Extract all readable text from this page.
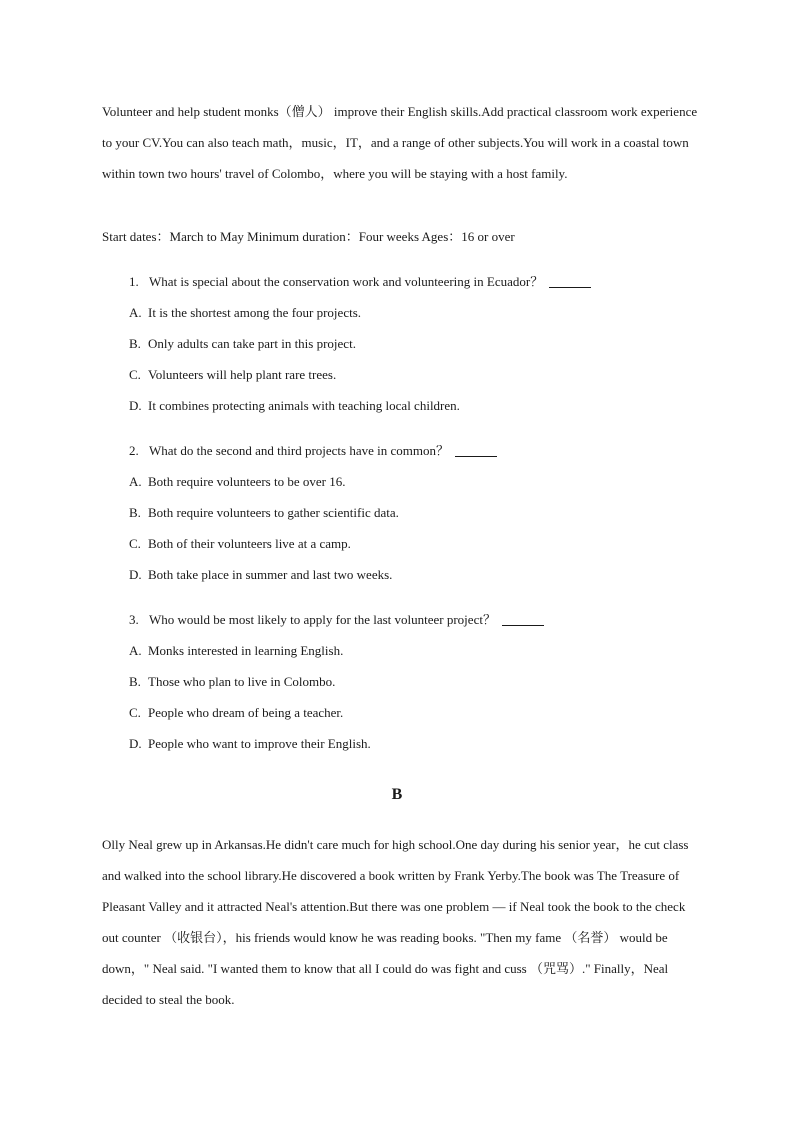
Volunteer and help student monks（僧人） improve their English skills.Add practical classroom work experience to your CV.You can also teach math，music，IT，and a range of other subjects.You will work in a coastal town within town two hours' travel of Colombo，where you will be staying with a host family.

Start dates：March to May Minimum duration：Four weeks Ages：16 or over

1. What is special about the conservation work and volunteering in Ecuador？
A. It is the shortest among the four projects.
B. Only adults can take part in this project.
C. Volunteers will help plant rare trees.
D. It combines protecting animals with teaching local children.
2. What do the second and third projects have in common？
A. Both require volunteers to be over 16.
B. Both require volunteers to gather scientific data.
C. Both of their volunteers live at a camp.
D. Both take place in summer and last two weeks.
3. Who would be most likely to apply for the last volunteer project？
A. Monks interested in learning English.
B. Those who plan to live in Colombo.
C. People who dream of being a teacher.
D. People who want to improve their English.
B

Olly Neal grew up in Arkansas.He didn't care much for high school.One day during his senior year，he cut class and walked into the school library.He discovered a book written by Frank Yerby.The book was The Treasure of Pleasant Valley and it attracted Neal's attention.But there was one problem — if Neal took the book to the check out counter （收银台），his friends would know he was reading books. "Then my fame （名誉） would be down，" Neal said. "I wanted them to know that all I could do was fight and cuss （咒骂）." Finally，Neal decided to steal the book.
